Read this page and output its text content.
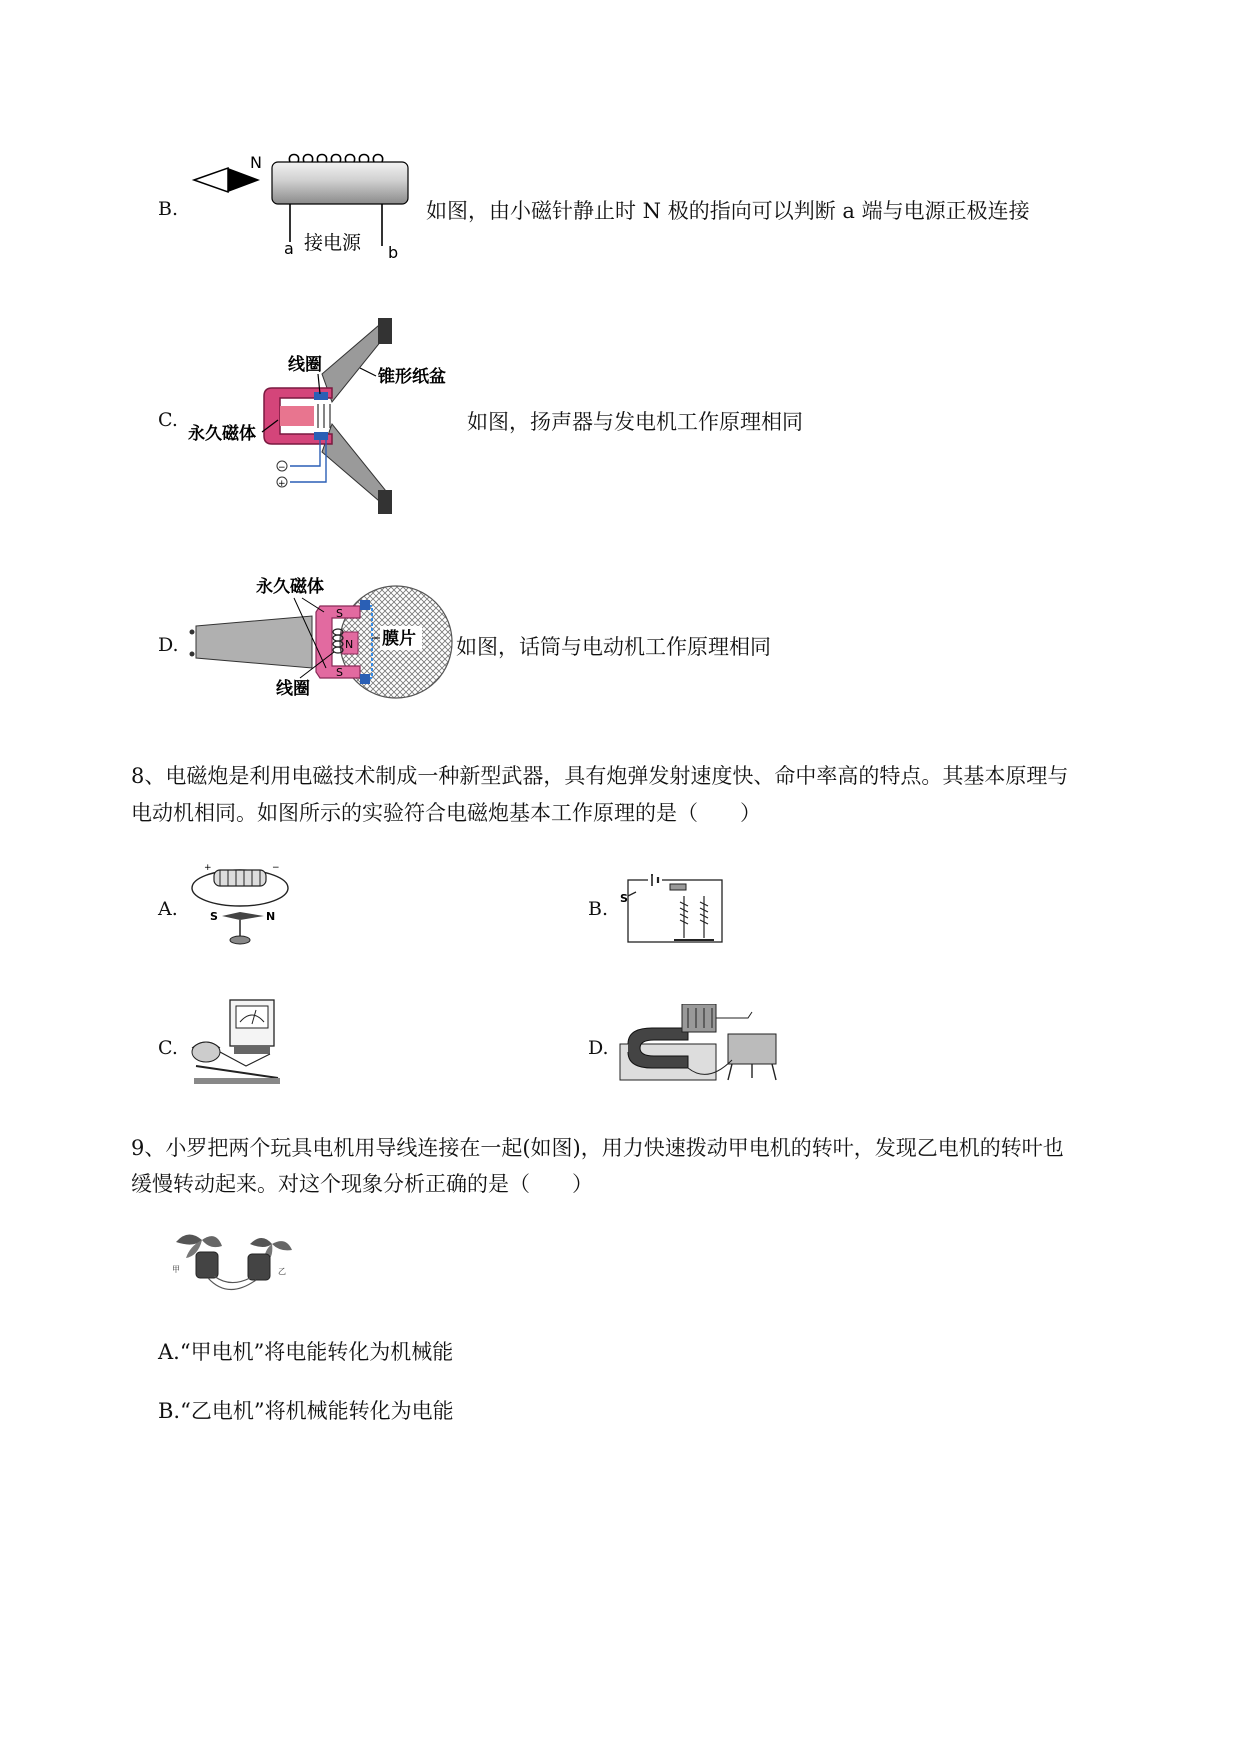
B.
N
a 接电源 b
如图，由小磁针静止时 N 极的指向可以判断 a 端与电源正极连接
C.
−
+
线圈
锥形纸盆
永久磁体	如图，扬声器与发电机工作原理相同
D.
S
N
S
膜片
永久磁体
线圈
如图，话筒与电动机工作原理相同
8、电磁炮是利用电磁技术制成一种新型武器，具有炮弹发射速度快、命中率高的特点。其基本原理与
电动机相同。如图所示的实验符合电磁炮基本工作原理的是（　　）
A.
+	−
S	N	B. S
C.	D.
9、小罗把两个玩具电机用导线连接在一起(如图)，用力快速拨动甲电机的转叶，发现乙电机的转叶也
缓慢转动起来。对这个现象分析正确的是（　　）
甲	乙
A.“甲电机”将电能转化为机械能
B.“乙电机”将机械能转化为电能
